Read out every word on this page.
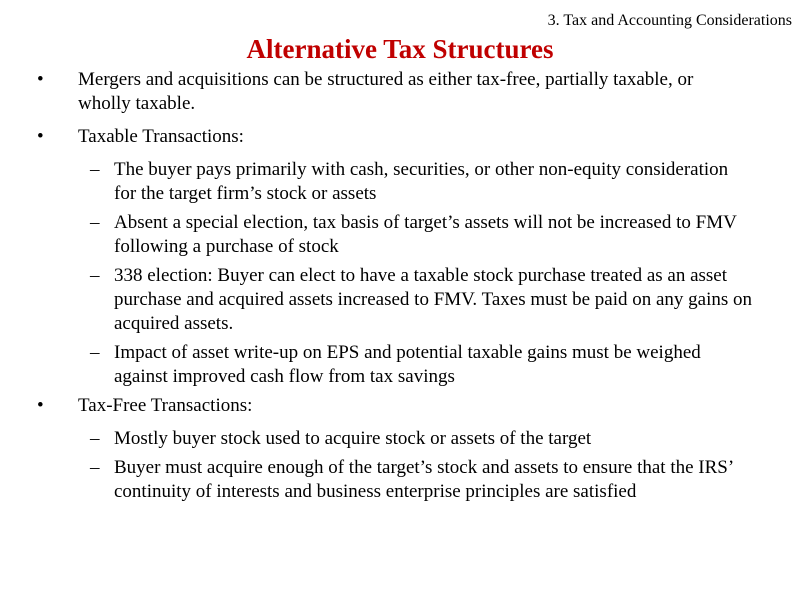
3. Tax and Accounting Considerations
Alternative Tax Structures
• Mergers and acquisitions can be structured as either tax-free, partially taxable, or wholly taxable.
• Taxable Transactions:
– The buyer pays primarily with cash, securities, or other non-equity consideration for the target firm’s stock or assets
– Absent a special election, tax basis of target’s assets will not be increased to FMV following a purchase of stock
– 338 election: Buyer can elect to have a taxable stock purchase treated as an asset purchase and acquired assets increased to FMV. Taxes must be paid on any gains on acquired assets.
– Impact of asset write-up on EPS and potential taxable gains must be weighed against improved cash flow from tax savings
• Tax-Free Transactions:
– Mostly buyer stock used to acquire stock or assets of the target
– Buyer must acquire enough of the target’s stock and assets to ensure that the IRS’ continuity of interests and business enterprise principles are satisfied
